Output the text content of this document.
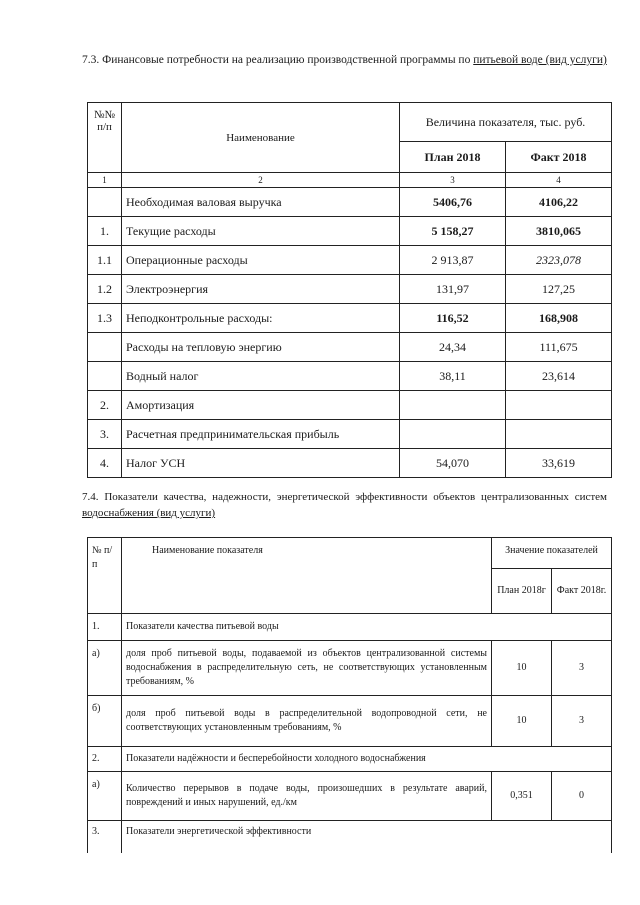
7.3. Финансовые потребности на реализацию производственной программы по питьевой воде (вид услуги)
№№ п/п	Наименование	Величина показателя, тыс. руб.	
		План 2018	Факт 2018
1	2	3	4
	Необходимая валовая выручка	5406,76	4106,22
1.	Текущие расходы	5 158,27	3810,065
1.1	Операционные расходы	2 913,87	2323,078
1.2	Электроэнергия	131,97	127,25
1.3	Неподконтрольные расходы:	116,52	168,908
	Расходы на тепловую энергию	24,34	111,675
	Водный налог	38,11	23,614
2.	Амортизация		
3.	Расчетная предпринимательская прибыль		
4.	Налог УСН	54,070	33,619
7.4. Показатели качества, надежности, энергетической эффективности объектов централизованных систем водоснабжения (вид услуги)
№ п/п	Наименование показателя	Значение показателей	
		План 2018г	Факт 2018г.
1.	Показатели качества питьевой воды		
а)	доля проб питьевой воды, подаваемой из объектов централизованной системы водоснабжения в распределительную сеть, не соответствующих установленным требованиям, %	10	3
б)	доля проб питьевой воды в распределительной водопроводной сети, не соответствующих установленным требованиям, %	10	3
2.	Показатели надёжности и бесперебойности холодного водоснабжения		
а)	Количество перерывов в подаче воды, произошедших в результате аварий, повреждений и иных нарушений, ед./км	0,351	0
3.	Показатели энергетической эффективности		
